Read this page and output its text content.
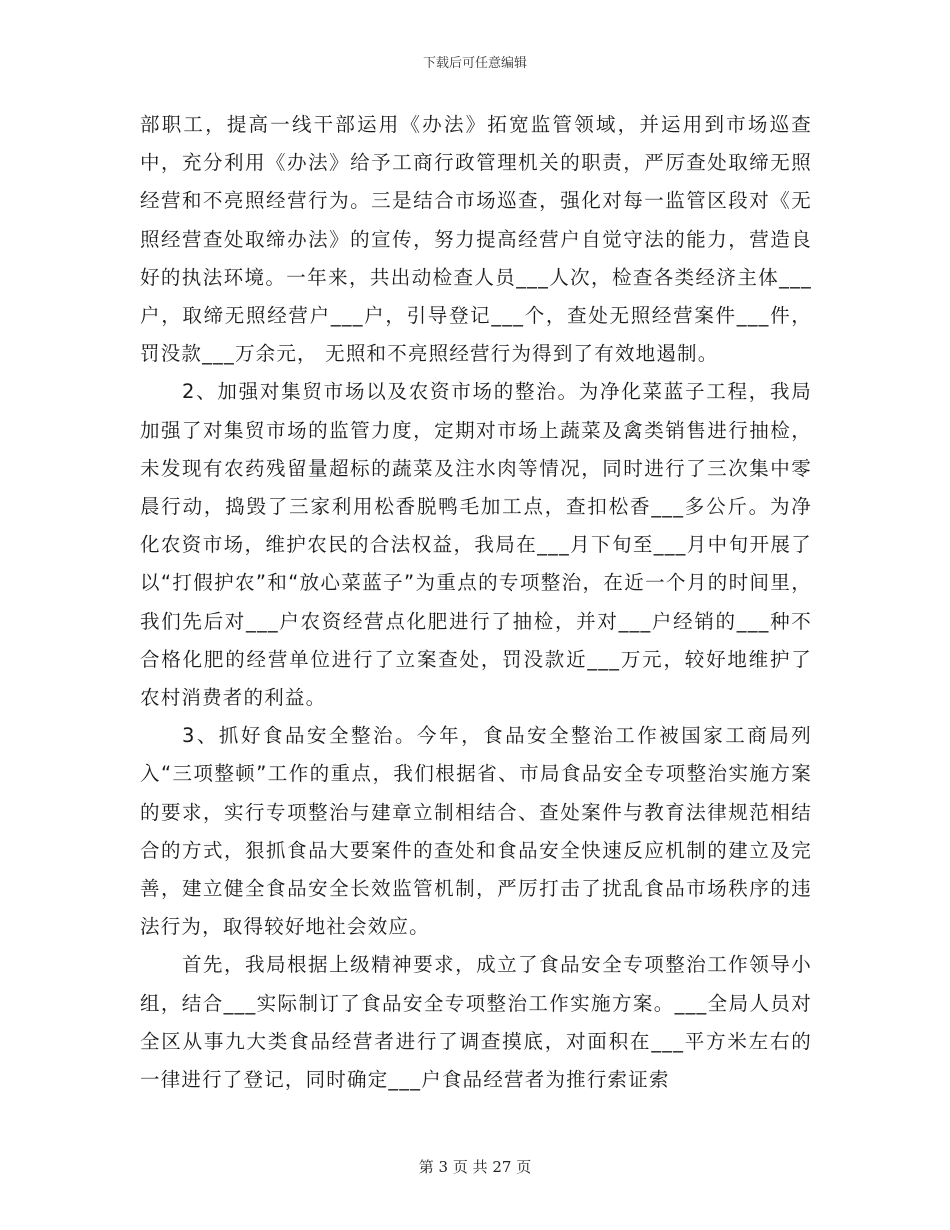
下载后可任意编辑

部职工，提高一线干部运用《办法》拓宽监管领域，并运用到市场巡查中，充分利用《办法》给予工商行政管理机关的职责，严厉查处取缔无照经营和不亮照经营行为。三是结合市场巡查，强化对每一监管区段对《无照经营查处取缔办法》的宣传，努力提高经营户自觉守法的能力，营造良好的执法环境。一年来，共出动检查人员___人次，检查各类经济主体___户，取缔无照经营户___户，引导登记___个，查处无照经营案件___件，罚没款___万余元， 无照和不亮照经营行为得到了有效地遏制。

2、加强对集贸市场以及农资市场的整治。为净化菜蓝子工程，我局加强了对集贸市场的监管力度，定期对市场上蔬菜及禽类销售进行抽检，未发现有农药残留量超标的蔬菜及注水肉等情况，同时进行了三次集中零晨行动，捣毁了三家利用松香脱鸭毛加工点，查扣松香___多公斤。为净化农资市场，维护农民的合法权益，我局在___月下旬至___月中旬开展了以“打假护农”和“放心菜蓝子”为重点的专项整治，在近一个月的时间里，我们先后对___户农资经营点化肥进行了抽检，并对___户经销的___种不合格化肥的经营单位进行了立案查处，罚没款近___万元，较好地维护了农村消费者的利益。

3、抓好食品安全整治。今年，食品安全整治工作被国家工商局列入“三项整顿”工作的重点，我们根据省、市局食品安全专项整治实施方案的要求，实行专项整治与建章立制相结合、查处案件与教育法律规范相结合的方式，狠抓食品大要案件的查处和食品安全快速反应机制的建立及完善，建立健全食品安全长效监管机制，严厉打击了扰乱食品市场秩序的违法行为，取得较好地社会效应。

首先，我局根据上级精神要求，成立了食品安全专项整治工作领导小组，结合___实际制订了食品安全专项整治工作实施方案。___全局人员对全区从事九大类食品经营者进行了调查摸底，对面积在___平方米左右的一律进行了登记，同时确定___户食品经营者为推行索证索

第 3 页 共 27 页
